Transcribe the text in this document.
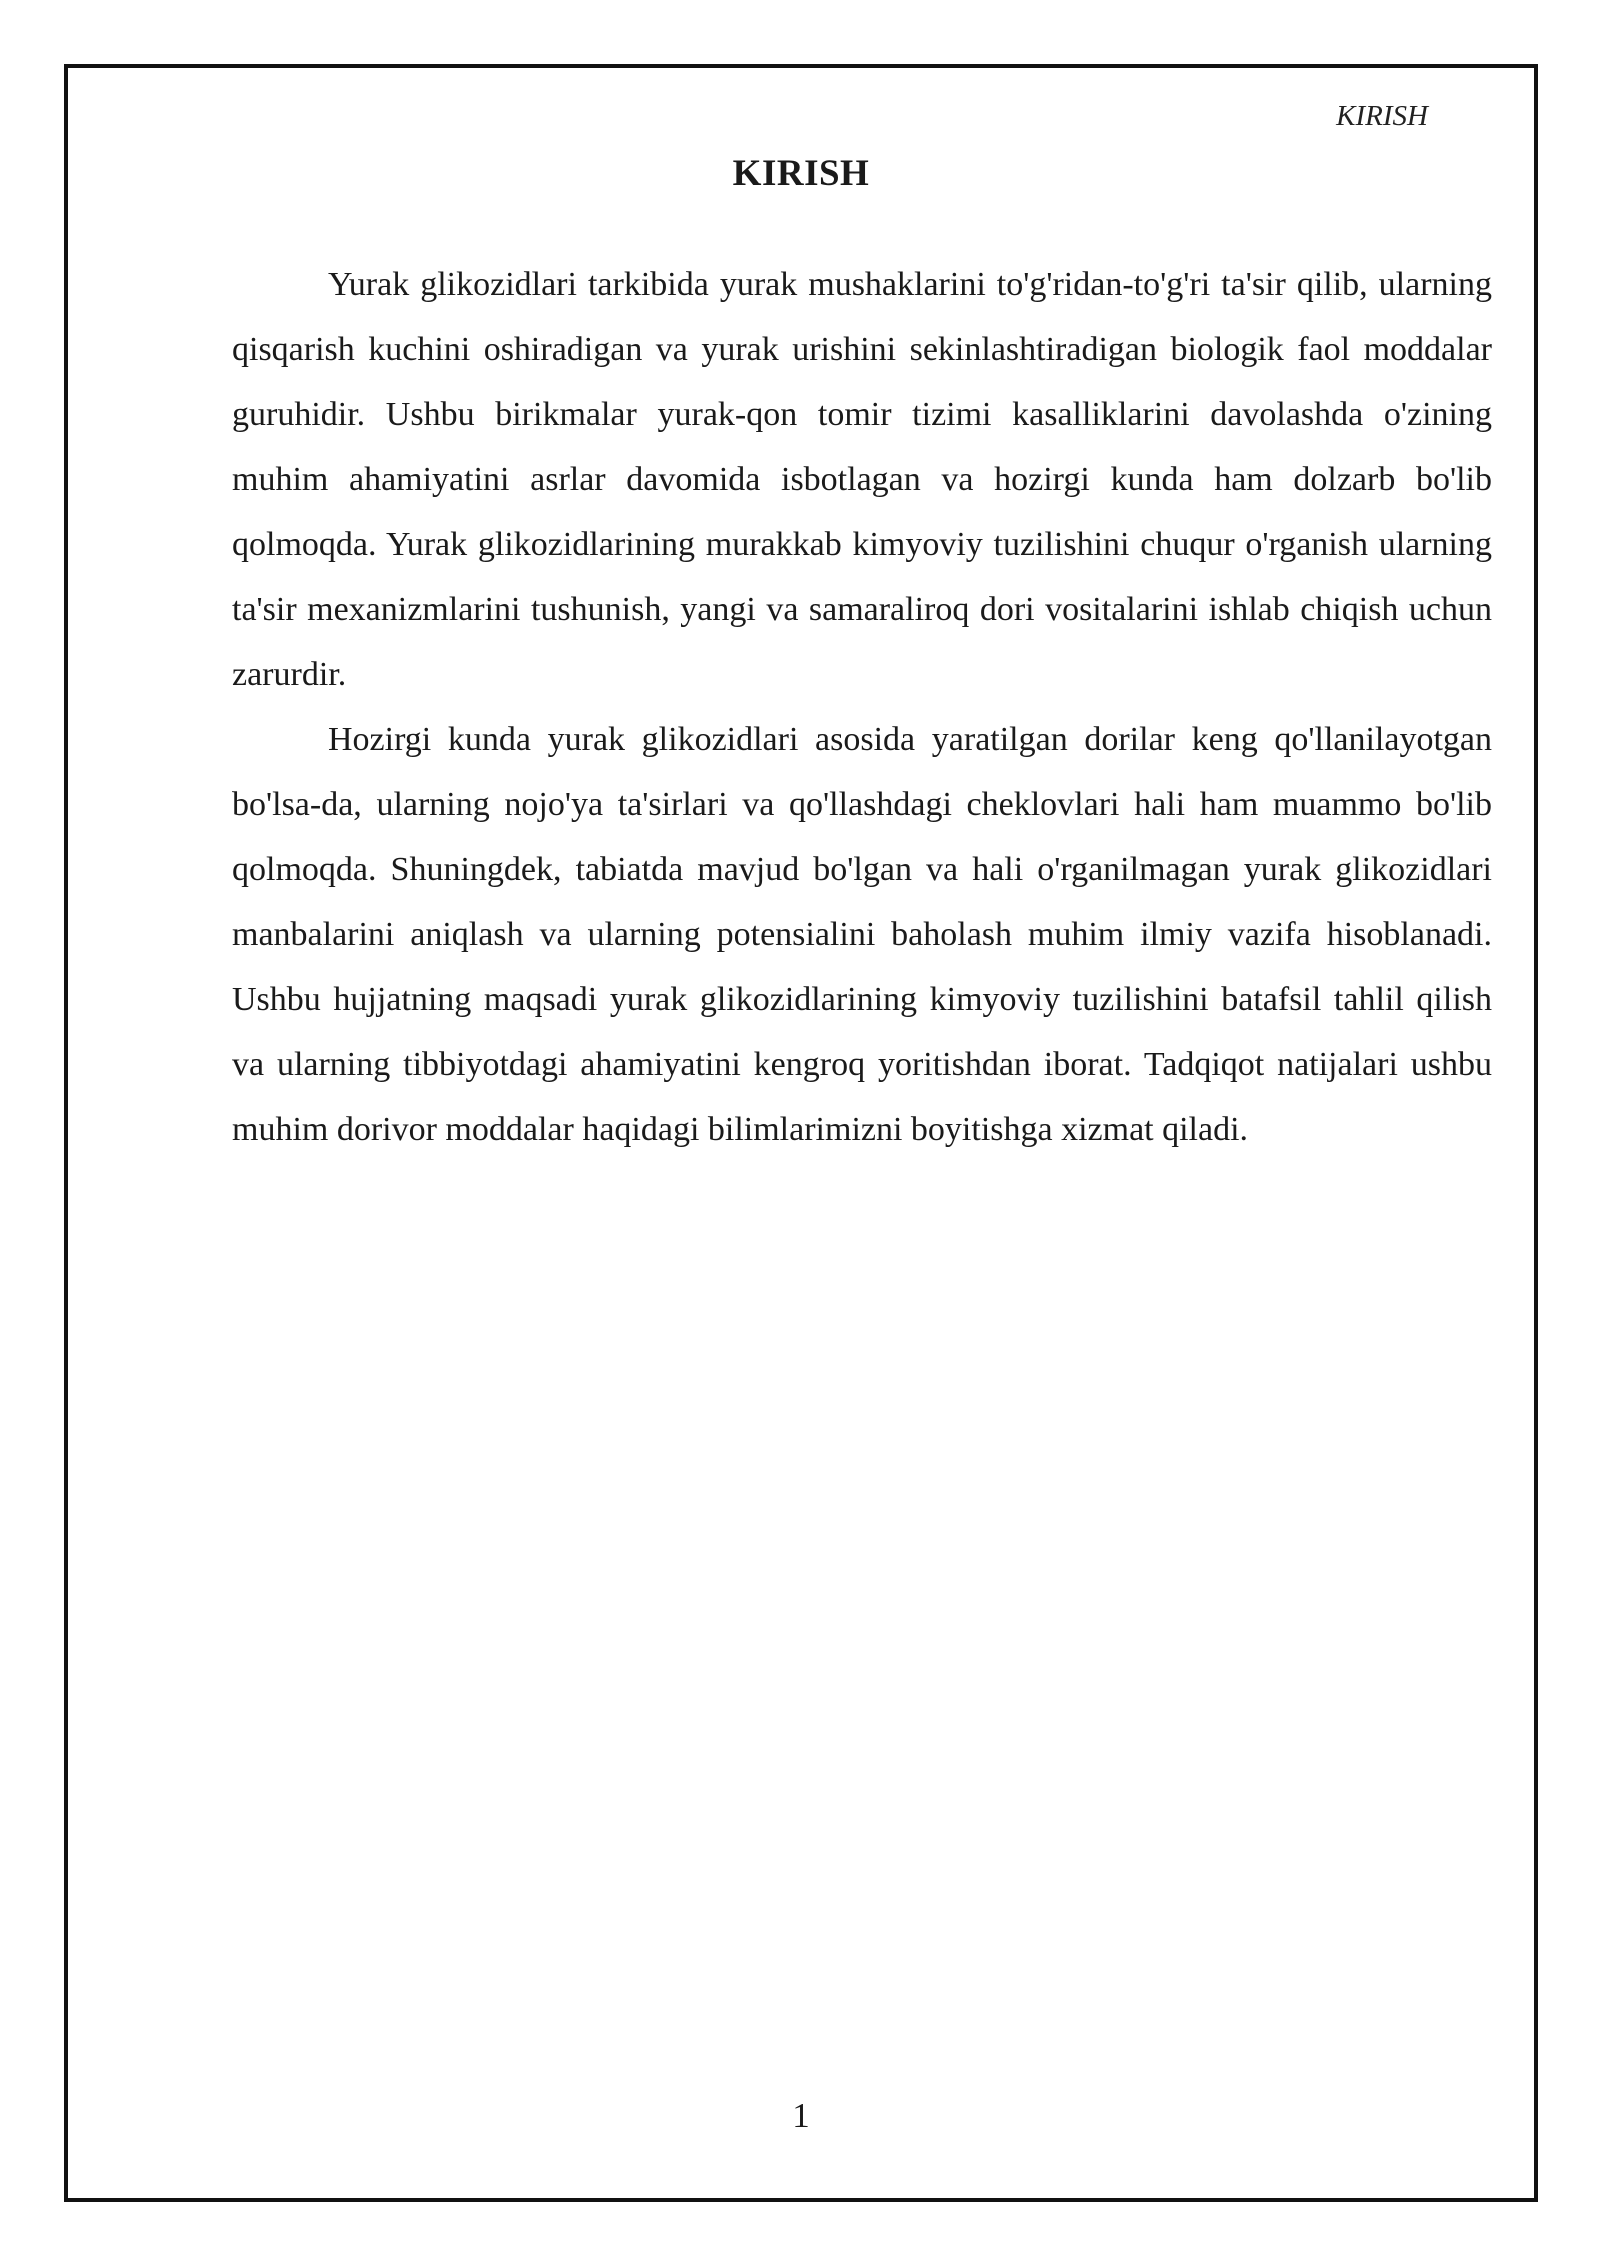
KIRISH
KIRISH

Yurak glikozidlari tarkibida yurak mushaklarini to'g'ridan-to'g'ri ta'sir qilib, ularning qisqarish kuchini oshiradigan va yurak urishini sekinlashtiradigan biologik faol moddalar guruhidir. Ushbu birikmalar yurak-qon tomir tizimi kasalliklarini davolashda o'zining muhim ahamiyatini asrlar davomida isbotlagan va hozirgi kunda ham dolzarb bo'lib qolmoqda. Yurak glikozidlarining murakkab kimyoviy tuzilishini chuqur o'rganish ularning ta'sir mexanizmlarini tushunish, yangi va samaraliroq dori vositalarini ishlab chiqish uchun zarurdir.

Hozirgi kunda yurak glikozidlari asosida yaratilgan dorilar keng qo'llanilayotgan bo'lsa-da, ularning nojo'ya ta'sirlari va qo'llashdagi cheklovlari hali ham muammo bo'lib qolmoqda. Shuningdek, tabiatda mavjud bo'lgan va hali o'rganilmagan yurak glikozidlari manbalarini aniqlash va ularning potensialini baholash muhim ilmiy vazifa hisoblanadi. Ushbu hujjatning maqsadi yurak glikozidlarining kimyoviy tuzilishini batafsil tahlil qilish va ularning tibbiyotdagi ahamiyatini kengroq yoritishdan iborat. Tadqiqot natijalari ushbu muhim dorivor moddalar haqidagi bilimlarimizni boyitishga xizmat qiladi.

1
